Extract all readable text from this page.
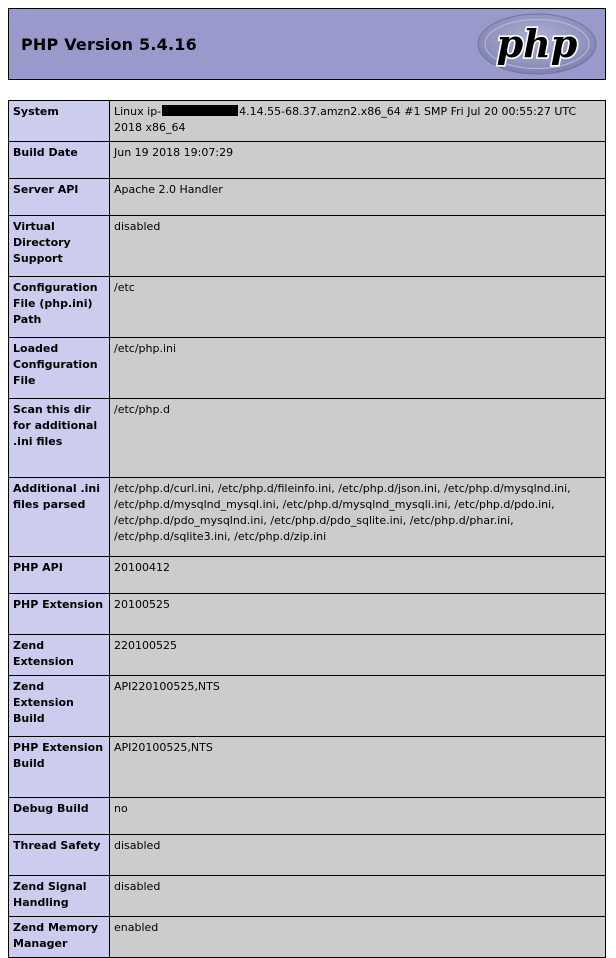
PHP Version 5.4.16	php
System	Linux ip- 4.14.55-68.37.amzn2.x86_64 #1 SMP Fri Jul 20 00:55:27 UTC 2018 x86_64
Build Date	Jun 19 2018 19:07:29
Server API	Apache 2.0 Handler
Virtual Directory Support	disabled
Configuration File (php.ini) Path	/etc
Loaded Configuration File	/etc/php.ini
Scan this dir for additional .ini files	/etc/php.d
Additional .ini files parsed	/etc/php.d/curl.ini, /etc/php.d/fileinfo.ini, /etc/php.d/json.ini, /etc/php.d/mysqlnd.ini, /etc/php.d/mysqlnd_mysql.ini, /etc/php.d/mysqlnd_mysqli.ini, /etc/php.d/pdo.ini, /etc/php.d/pdo_mysqlnd.ini, /etc/php.d/pdo_sqlite.ini, /etc/php.d/phar.ini, /etc/php.d/sqlite3.ini, /etc/php.d/zip.ini
PHP API	20100412
PHP Extension	20100525
Zend Extension	220100525
Zend Extension Build	API220100525,NTS
PHP Extension Build	API20100525,NTS
Debug Build	no
Thread Safety	disabled
Zend Signal Handling	disabled
Zend Memory Manager	enabled
